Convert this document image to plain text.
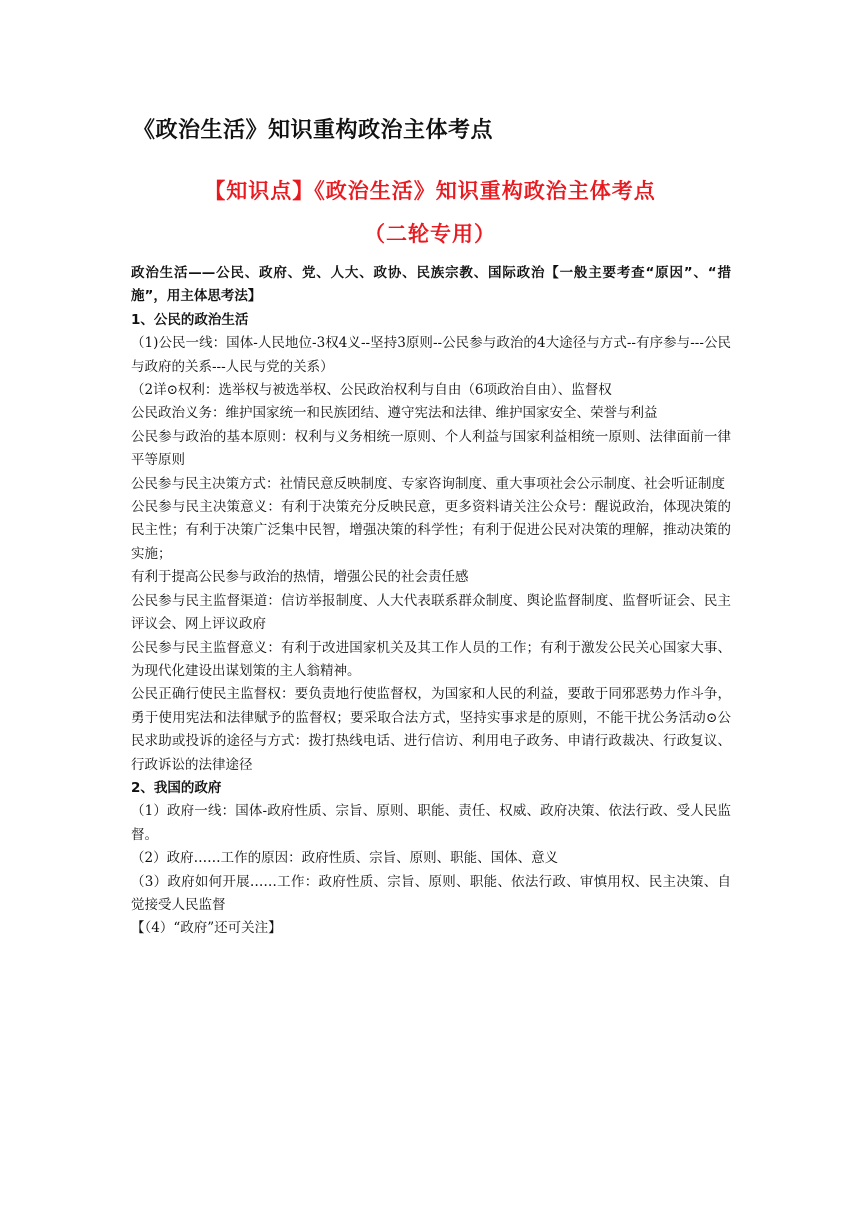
《政治生活》知识重构政治主体考点
【知识点】《政治生活》知识重构政治主体考点
（二轮专用）

政治生活——公民、政府、党、人大、政协、民族宗教、国际政治【一般主要考查“原因”、“措施”，用主体思考法】

1、公民的政治生活

（1)公民一线：国体-人民地位-3权4义--坚持3原则--公民参与政治的4大途径与方式--有序参与---公民与政府的关系---人民与党的关系）

（2详⊙权利：选举权与被选举权、公民政治权利与自由（6项政治自由）、监督权

公民政治义务：维护国家统一和民族团结、遵守宪法和法律、维护国家安全、荣誉与利益

公民参与政治的基本原则：权利与义务相统一原则、个人利益与国家利益相统一原则、法律面前一律平等原则

公民参与民主决策方式：社情民意反映制度、专家咨询制度、重大事项社会公示制度、社会听证制度

公民参与民主决策意义：有利于决策充分反映民意，更多资料请关注公众号：醒说政治，体现决策的民主性；有利于决策广泛集中民智，增强决策的科学性；有利于促进公民对决策的理解，推动决策的实施；

有利于提高公民参与政治的热情，增强公民的社会责任感

公民参与民主监督渠道：信访举报制度、人大代表联系群众制度、舆论监督制度、监督听证会、民主评议会、网上评议政府

公民参与民主监督意义：有利于改进国家机关及其工作人员的工作；有利于激发公民关心国家大事、为现代化建设出谋划策的主人翁精神。

公民正确行使民主监督权：要负责地行使监督权，为国家和人民的利益，要敢于同邪恶势力作斗争，勇于使用宪法和法律赋予的监督权；要采取合法方式，坚持实事求是的原则，不能干扰公务活动⊙公民求助或投诉的途径与方式：拨打热线电话、进行信访、利用电子政务、申请行政裁决、行政复议、行政诉讼的法律途径

2、我国的政府

（1）政府一线：国体-政府性质、宗旨、原则、职能、责任、权威、政府决策、依法行政、受人民监督。

（2）政府……工作的原因：政府性质、宗旨、原则、职能、国体、意义

（3）政府如何开展……工作：政府性质、宗旨、原则、职能、依法行政、审慎用权、民主决策、自觉接受人民监督

【（4）“政府”还可关注】
